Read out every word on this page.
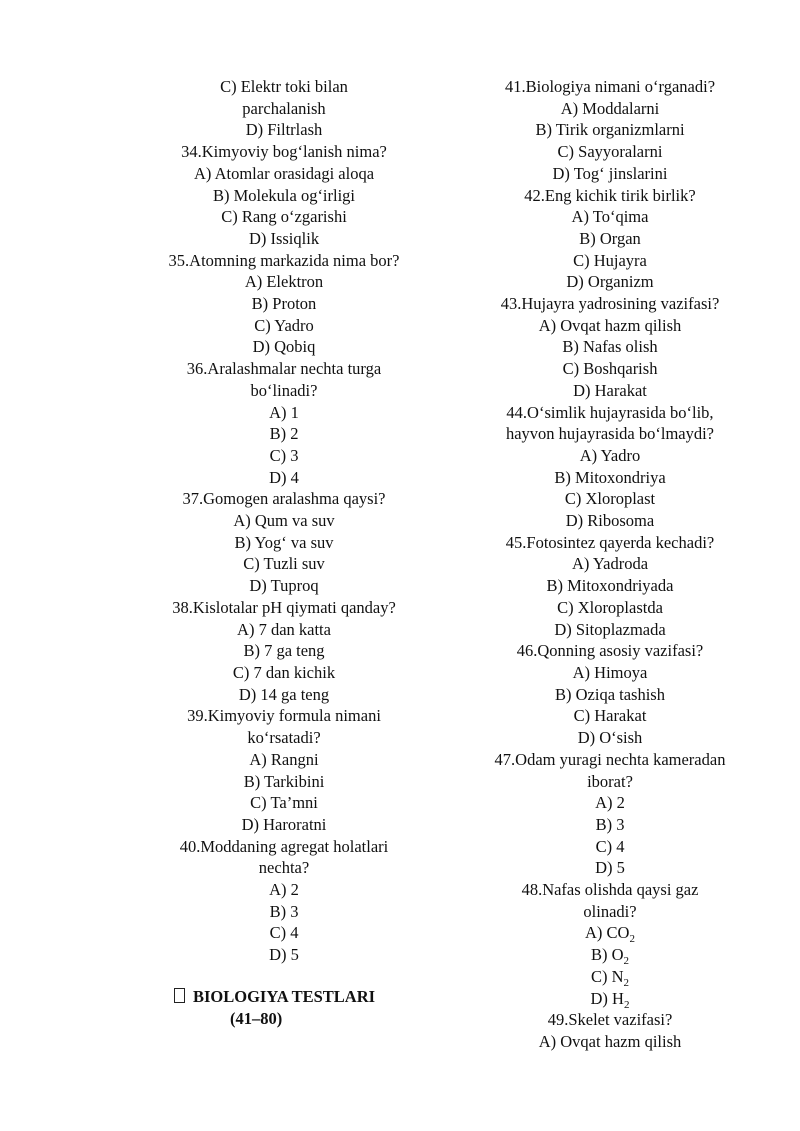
C) Elektr toki bilan
parchalanish
D) Filtrlash
34.Kimyoviy bog‘lanish nima?
A) Atomlar orasidagi aloqa
B) Molekula og‘irligi
C) Rang o‘zgarishi
D) Issiqlik
35.Atomning markazida nima bor?
A) Elektron
B) Proton
C) Yadro
D) Qobiq
36.Aralashmalar nechta turga
bo‘linadi?
A) 1
B) 2
C) 3
D) 4
37.Gomogen aralashma qaysi?
A) Qum va suv
B) Yog‘ va suv
C) Tuzli suv
D) Tuproq
38.Kislotalar pH qiymati qanday?
A) 7 dan katta
B) 7 ga teng
C) 7 dan kichik
D) 14 ga teng
39.Kimyoviy formula nimani
ko‘rsatadi?
A) Rangni
B) Tarkibini
C) Ta’mni
D) Haroratni
40.Moddaning agregat holatlari
nechta?
A) 2
B) 3
C) 4
D) 5
BIOLOGIYA TESTLARI
(41–80)
41.Biologiya nimani o‘rganadi?
A) Moddalarni
B) Tirik organizmlarni
C) Sayyoralarni
D) Tog‘ jinslarini
42.Eng kichik tirik birlik?
A) To‘qima
B) Organ
C) Hujayra
D) Organizm
43.Hujayra yadrosining vazifasi?
A) Ovqat hazm qilish
B) Nafas olish
C) Boshqarish
D) Harakat
44.O‘simlik hujayrasida bo‘lib,
hayvon hujayrasida bo‘lmaydi?
A) Yadro
B) Mitoxondriya
C) Xloroplast
D) Ribosoma
45.Fotosintez qayerda kechadi?
A) Yadroda
B) Mitoxondriyada
C) Xloroplastda
D) Sitoplazmada
46.Qonning asosiy vazifasi?
A) Himoya
B) Oziqa tashish
C) Harakat
D) O‘sish
47.Odam yuragi nechta kameradan
iborat?
A) 2
B) 3
C) 4
D) 5
48.Nafas olishda qaysi gaz
olinadi?
A) $CO_2$
B) $O_2$
C) $N_2$
D) $H_2$
49.Skelet vazifasi?
A) Ovqat hazm qilish
